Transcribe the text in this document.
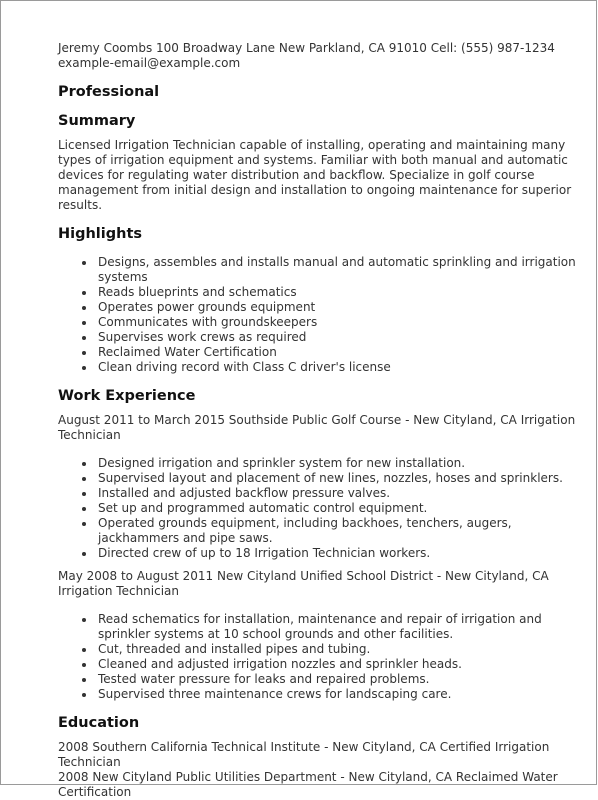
Jeremy Coombs 100 Broadway Lane New Parkland, CA 91010 Cell: (555) 987-1234 example-email@example.com

Professional
Summary

Licensed Irrigation Technician capable of installing, operating and maintaining many types of irrigation equipment and systems. Familiar with both manual and automatic devices for regulating water distribution and backflow. Specialize in golf course management from initial design and installation to ongoing maintenance for superior results.

Highlights
Designs, assembles and installs manual and automatic sprinkling and irrigation systems
Reads blueprints and schematics
Operates power grounds equipment
Communicates with groundskeepers
Supervises work crews as required
Reclaimed Water Certification
Clean driving record with Class C driver's license
Work Experience

August 2011 to March 2015 Southside Public Golf Course - New Cityland, CA Irrigation Technician

Designed irrigation and sprinkler system for new installation.
Supervised layout and placement of new lines, nozzles, hoses and sprinklers.
Installed and adjusted backflow pressure valves.
Set up and programmed automatic control equipment.
Operated grounds equipment, including backhoes, tenchers, augers, jackhammers and pipe saws.
Directed crew of up to 18 Irrigation Technician workers.

May 2008 to August 2011 New Cityland Unified School District - New Cityland, CA Irrigation Technician

Read schematics for installation, maintenance and repair of irrigation and sprinkler systems at 10 school grounds and other facilities.
Cut, threaded and installed pipes and tubing.
Cleaned and adjusted irrigation nozzles and sprinkler heads.
Tested water pressure for leaks and repaired problems.
Supervised three maintenance crews for landscaping care.
Education

2008 Southern California Technical Institute - New Cityland, CA Certified Irrigation Technician

2008 New Cityland Public Utilities Department - New Cityland, CA Reclaimed Water Certification
